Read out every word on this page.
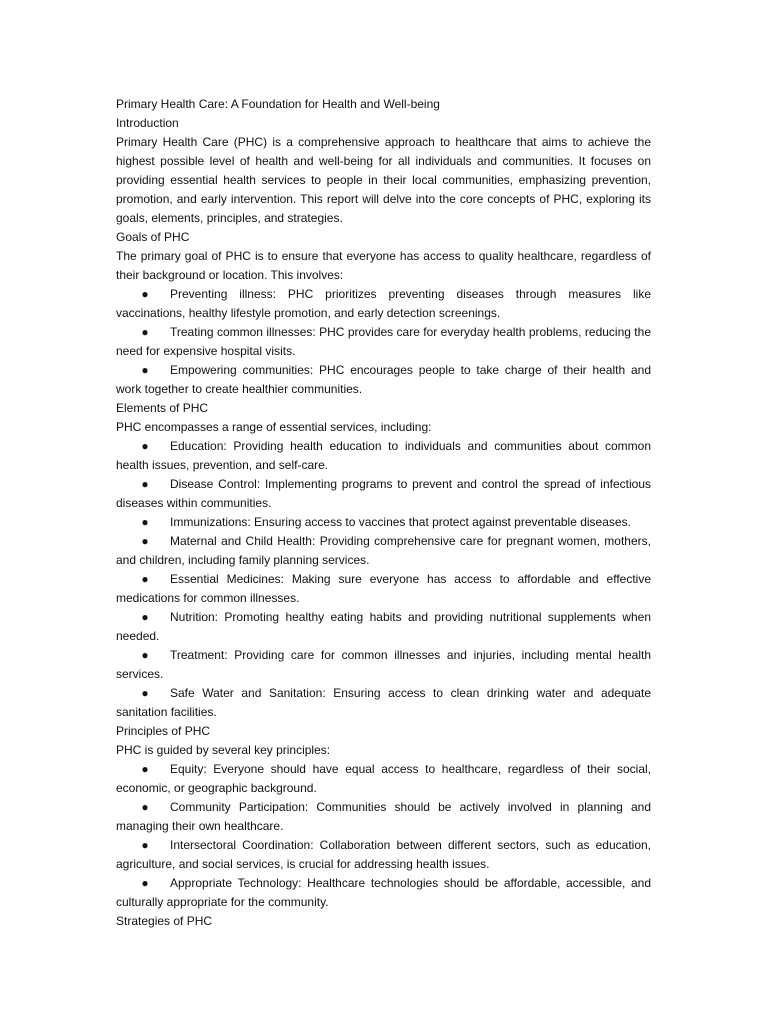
Primary Health Care: A Foundation for Health and Well-being

Introduction

Primary Health Care (PHC) is a comprehensive approach to healthcare that aims to achieve the highest possible level of health and well-being for all individuals and communities. It focuses on providing essential health services to people in their local communities, emphasizing prevention, promotion, and early intervention. This report will delve into the core concepts of PHC, exploring its goals, elements, principles, and strategies.

Goals of PHC

The primary goal of PHC is to ensure that everyone has access to quality healthcare, regardless of their background or location. This involves:

● Preventing illness: PHC prioritizes preventing diseases through measures like vaccinations, healthy lifestyle promotion, and early detection screenings.

● Treating common illnesses: PHC provides care for everyday health problems, reducing the need for expensive hospital visits.

● Empowering communities: PHC encourages people to take charge of their health and work together to create healthier communities.

Elements of PHC

PHC encompasses a range of essential services, including:

● Education: Providing health education to individuals and communities about common health issues, prevention, and self-care.

● Disease Control: Implementing programs to prevent and control the spread of infectious diseases within communities.

● Immunizations: Ensuring access to vaccines that protect against preventable diseases.

● Maternal and Child Health: Providing comprehensive care for pregnant women, mothers, and children, including family planning services.

● Essential Medicines: Making sure everyone has access to affordable and effective medications for common illnesses.

● Nutrition: Promoting healthy eating habits and providing nutritional supplements when needed.

● Treatment: Providing care for common illnesses and injuries, including mental health services.

● Safe Water and Sanitation: Ensuring access to clean drinking water and adequate sanitation facilities.

Principles of PHC

PHC is guided by several key principles:

● Equity: Everyone should have equal access to healthcare, regardless of their social, economic, or geographic background.

● Community Participation: Communities should be actively involved in planning and managing their own healthcare.

● Intersectoral Coordination: Collaboration between different sectors, such as education, agriculture, and social services, is crucial for addressing health issues.

● Appropriate Technology: Healthcare technologies should be affordable, accessible, and culturally appropriate for the community.

Strategies of PHC
